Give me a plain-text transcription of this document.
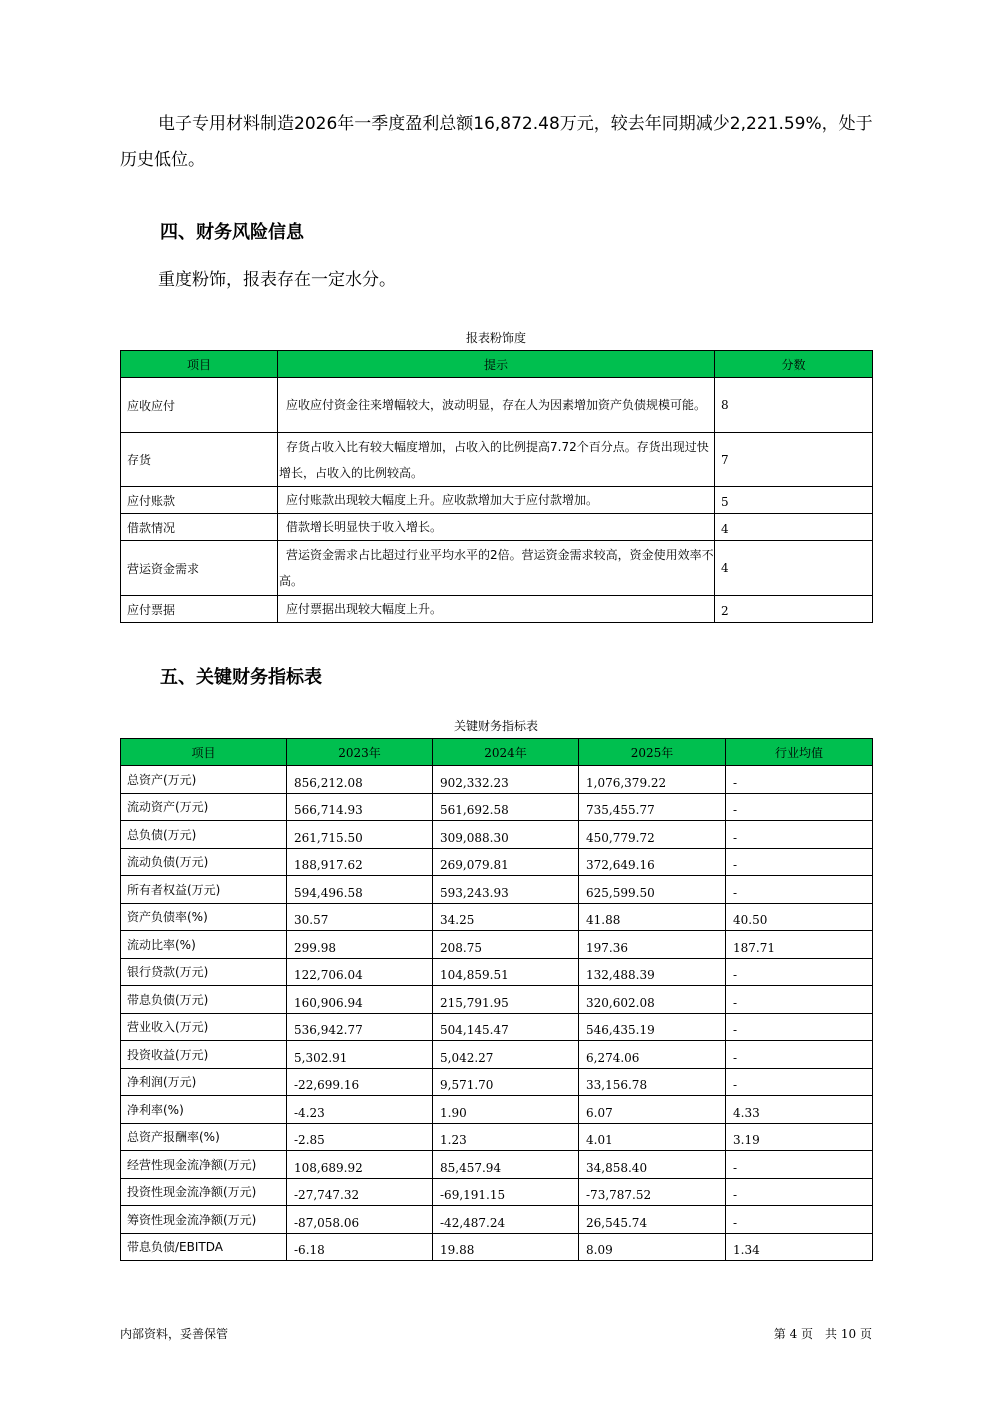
电子专用材料制造2026年一季度盈利总额16,872.48万元，较去年同期减少2,221.59%，处于历史低位。

四、财务风险信息

重度粉饰，报表存在一定水分。

报表粉饰度
项目	提示	分数
应收应付	应收应付资金往来增幅较大，波动明显，存在人为因素增加资产负债规模可能。	8
存货	存货占收入比有较大幅度增加，占收入的比例提高7.72个百分点。存货出现过快增长，占收入的比例较高。	7
应付账款	应付账款出现较大幅度上升。应收款增加大于应付款增加。	5
借款情况	借款增长明显快于收入增长。	4
营运资金需求	营运资金需求占比超过行业平均水平的2倍。营运资金需求较高，资金使用效率不高。	4
应付票据	应付票据出现较大幅度上升。	2
五、关键财务指标表
关键财务指标表
项目	2023年	2024年	2025年	行业均值
总资产(万元)	856,212.08	902,332.23	1,076,379.22	-
流动资产(万元)	566,714.93	561,692.58	735,455.77	-
总负债(万元)	261,715.50	309,088.30	450,779.72	-
流动负债(万元)	188,917.62	269,079.81	372,649.16	-
所有者权益(万元)	594,496.58	593,243.93	625,599.50	-
资产负债率(%)	30.57	34.25	41.88	40.50
流动比率(%)	299.98	208.75	197.36	187.71
银行贷款(万元)	122,706.04	104,859.51	132,488.39	-
带息负债(万元)	160,906.94	215,791.95	320,602.08	-
营业收入(万元)	536,942.77	504,145.47	546,435.19	-
投资收益(万元)	5,302.91	5,042.27	6,274.06	-
净利润(万元)	-22,699.16	9,571.70	33,156.78	-
净利率(%)	-4.23	1.90	6.07	4.33
总资产报酬率(%)	-2.85	1.23	4.01	3.19
经营性现金流净额(万元)	108,689.92	85,457.94	34,858.40	-
投资性现金流净额(万元)	-27,747.32	-69,191.15	-73,787.52	-
筹资性现金流净额(万元)	-87,058.06	-42,487.24	26,545.74	-
带息负债/EBITDA	-6.18	19.88	8.09	1.34
内部资料，妥善保管	第 4 页　共 10 页
